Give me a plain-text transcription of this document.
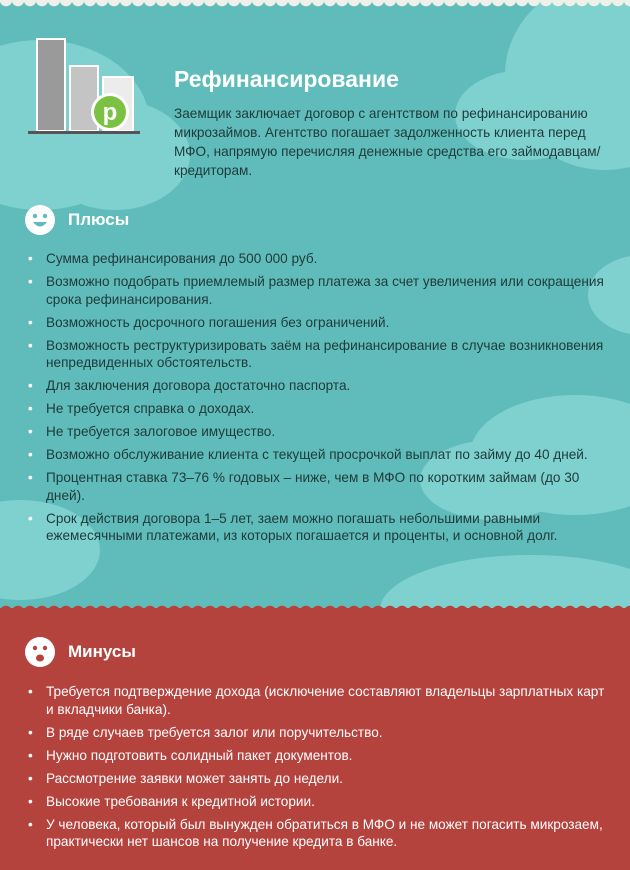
p
Рефинансирование

Заемщик заключает договор с агентством по рефинансированию микрозаймов. Агентство погашает задолженность клиента перед МФО, напрямую перечисляя денежные средства его займодавцам/кредиторам.

Плюсы
• Сумма рефинансирования до 500 000 руб.
• Возможно подобрать приемлемый размер платежа за счет увеличения или сокращения срока рефинансирования.
• Возможность досрочного погашения без ограничений.
• Возможность реструктуризировать заём на рефинансирование в случае возникновения непредвиденных обстоятельств.
• Для заключения договора достаточно паспорта.
• Не требуется справка о доходах.
• Не требуется залоговое имущество.
• Возможно обслуживание клиента с текущей просрочкой выплат по займу до 40 дней.
• Процентная ставка 73–76 % годовых – ниже, чем в МФО по коротким займам (до 30 дней).
• Срок действия договора 1–5 лет, заем можно погашать небольшими равными ежемесячными платежами, из которых погашается и проценты, и основной долг.
Минусы
• Требуется подтверждение дохода (исключение составляют владельцы зарплатных карт и вкладчики банка).
• В ряде случаев требуется залог или поручительство.
• Нужно подготовить солидный пакет документов.
• Рассмотрение заявки может занять до недели.
• Высокие требования к кредитной истории.
• У человека, который был вынужден обратиться в МФО и не может погасить микрозаем, практически нет шансов на получение кредита в банке.
